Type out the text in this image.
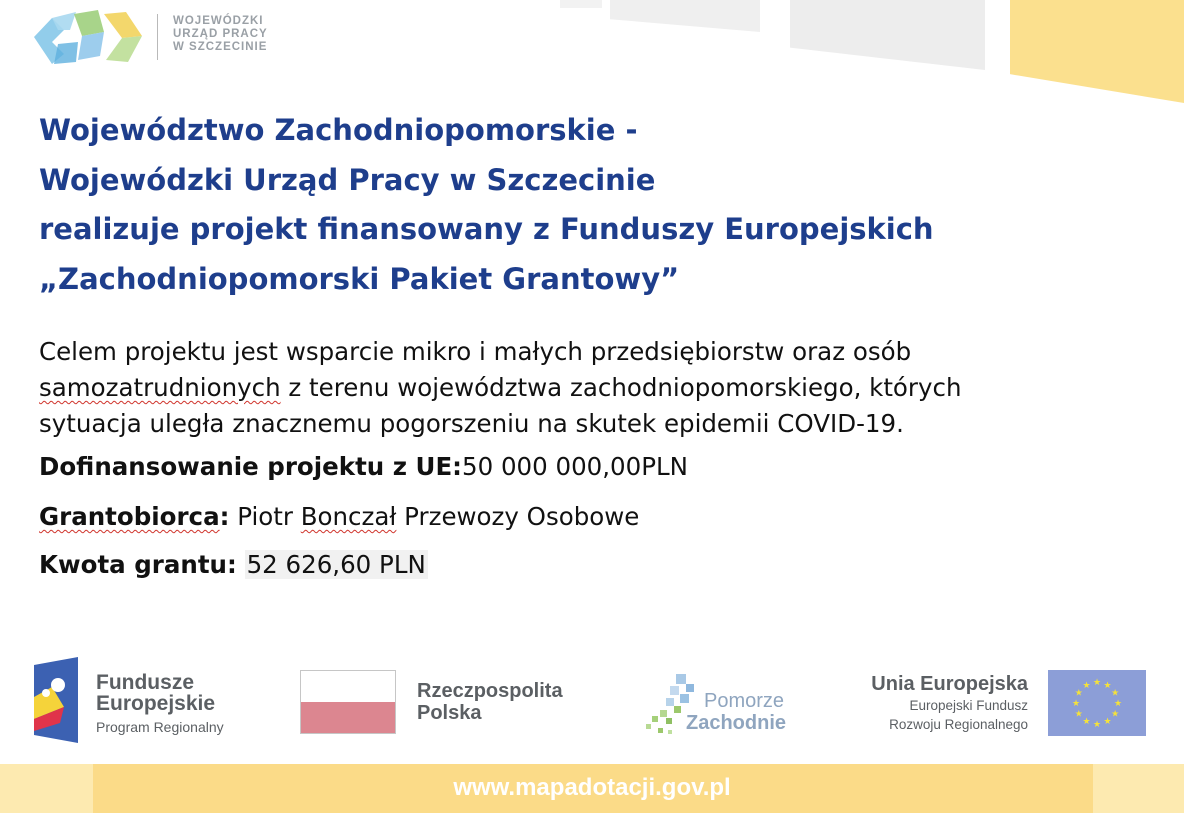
WOJEWÓDZKI
URZĄD PRACY
W SZCZECINIE
Województwo Zachodniopomorskie -
Wojewódzki Urząd Pracy w Szczecinie
realizuje projekt finansowany z Funduszy Europejskich
„Zachodniopomorski Pakiet Grantowy”
Celem projektu jest wsparcie mikro i małych przedsiębiorstw oraz osób
samozatrudnionych z terenu województwa zachodniopomorskiego, których
sytuacja uległa znacznemu pogorszeniu na skutek epidemii COVID-19.
Dofinansowanie projektu z UE:50 000 000,00PLN
Grantobiorca: Piotr Bonczał Przewozy Osobowe
Kwota grantu: 52 626,60 PLN
Fundusze
Europejskie
Program Regionalny
Rzeczpospolita
Polska
Pomorze
Zachodnie
Unia Europejska
Europejski Fundusz
Rozwoju Regionalnego
★ ★
★
★
★
★
★
★
★
★
★
★
www.mapadotacji.gov.pl
